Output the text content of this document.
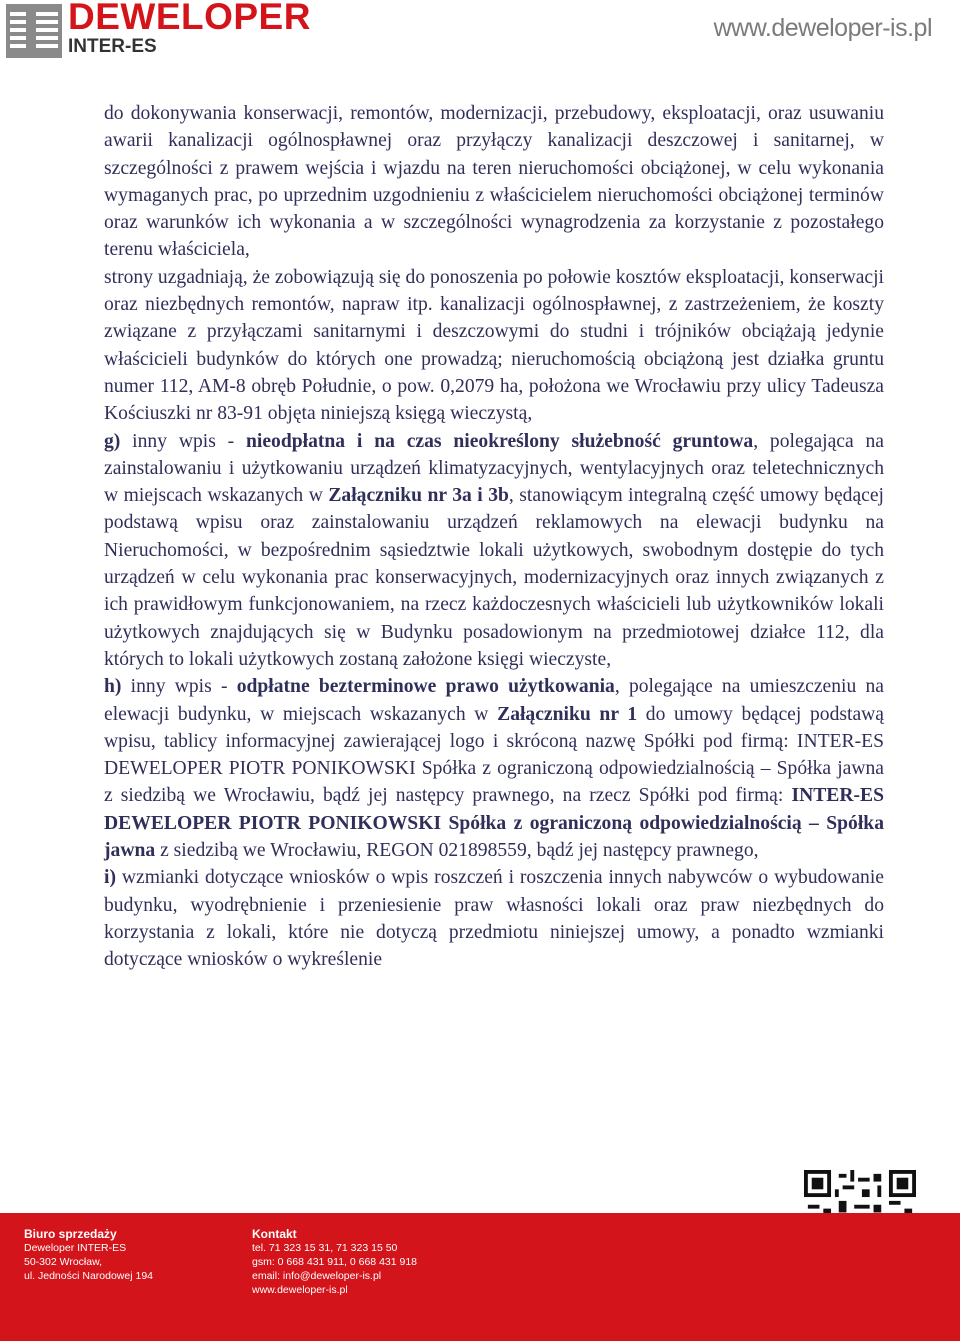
DEWELOPER
INTER-ES
www.deweloper-is.pl

do dokonywania konserwacji, remontów, modernizacji, przebudowy, eksploatacji, oraz usuwaniu awarii kanalizacji ogólnospławnej oraz przyłączy kanalizacji deszczowej i sanitarnej, w szczególności z prawem wejścia i wjazdu na teren nieruchomości obciążonej, w celu wykonania wymaganych prac, po uprzednim uzgodnieniu z właścicielem nieruchomości obciążonej terminów oraz warunków ich wykonania a w szczególności wynagrodzenia za korzystanie z pozostałego terenu właściciela,

strony uzgadniają, że zobowiązują się do ponoszenia po połowie kosztów eksploatacji, konserwacji oraz niezbędnych remontów, napraw itp. kanalizacji ogólnospławnej, z zastrzeżeniem, że koszty związane z przyłączami sanitarnymi i deszczowymi do studni i trójników obciążają jedynie właścicieli budynków do których one prowadzą; nieruchomością obciążoną jest działka gruntu numer 112, AM-8 obręb Południe, o pow. 0,2079 ha, położona we Wrocławiu przy ulicy Tadeusza Kościuszki nr 83-91 objęta niniejszą księgą wieczystą,

g) inny wpis - nieodpłatna i na czas nieokreślony służebność gruntowa, polegająca na zainstalowaniu i użytkowaniu urządzeń klimatyzacyjnych, wentylacyjnych oraz teletechnicznych w miejscach wskazanych w Załączniku nr 3a i 3b, stanowiącym integralną część umowy będącej podstawą wpisu oraz zainstalowaniu urządzeń reklamowych na elewacji budynku na Nieruchomości, w bezpośrednim sąsiedztwie lokali użytkowych, swobodnym dostępie do tych urządzeń w celu wykonania prac konserwacyjnych, modernizacyjnych oraz innych związanych z ich prawidłowym funkcjonowaniem, na rzecz każdoczesnych właścicieli lub użytkowników lokali użytkowych znajdujących się w Budynku posadowionym na przedmiotowej działce 112, dla których to lokali użytkowych zostaną założone księgi wieczyste,

h) inny wpis - odpłatne bezterminowe prawo użytkowania, polegające na umieszczeniu na elewacji budynku, w miejscach wskazanych w Załączniku nr 1 do umowy będącej podstawą wpisu, tablicy informacyjnej zawierającej logo i skróconą nazwę Spółki pod firmą: INTER-ES DEWELOPER PIOTR PONIKOWSKI Spółka z ograniczoną odpowiedzialnością – Spółka jawna z siedzibą we Wrocławiu, bądź jej następcy prawnego, na rzecz Spółki pod firmą: INTER-ES DEWELOPER PIOTR PONIKOWSKI Spółka z ograniczoną odpowiedzialnością – Spółka jawna z siedzibą we Wrocławiu, REGON 021898559, bądź jej następcy prawnego,

i) wzmianki dotyczące wniosków o wpis roszczeń i roszczenia innych nabywców o wybudowanie budynku, wyodrębnienie i przeniesienie praw własności lokali oraz praw niezbędnych do korzystania z lokali, które nie dotyczą przedmiotu niniejszej umowy, a ponadto wzmianki dotyczące wniosków o wykreślenie

Biuro sprzedaży
Deweloper INTER-ES
50-302 Wrocław,
ul. Jedności Narodowej 194
Kontakt
tel. 71 323 15 31, 71 323 15 50
gsm: 0 668 431 911, 0 668 431 918
email: info@deweloper-is.pl
www.deweloper-is.pl
